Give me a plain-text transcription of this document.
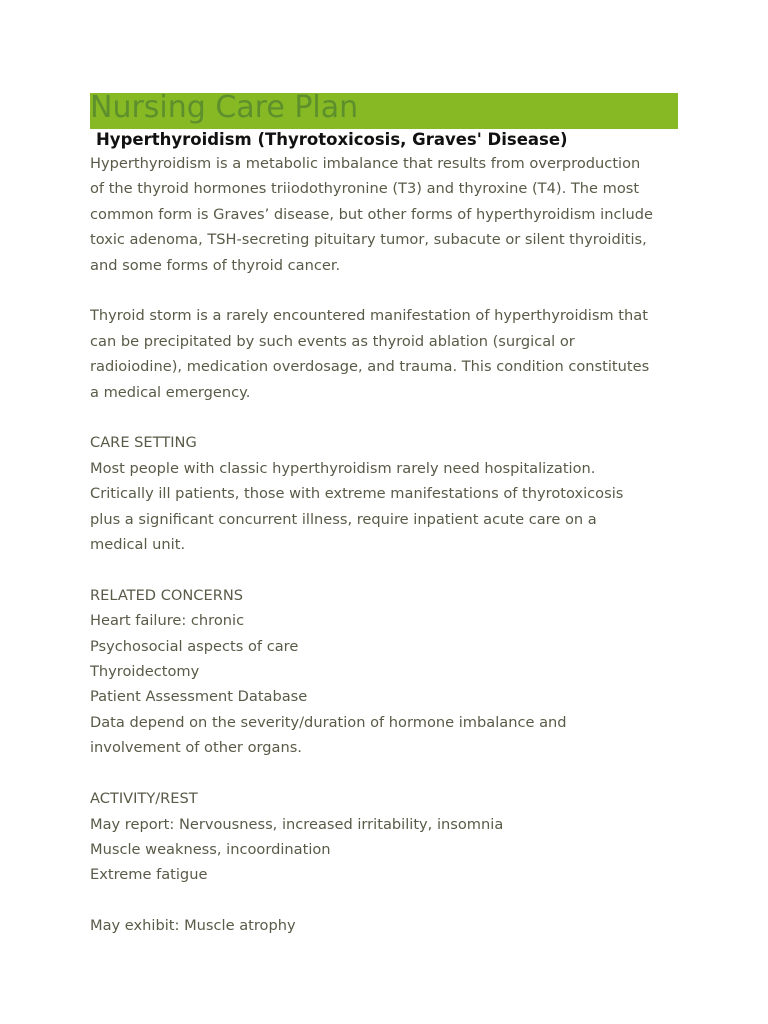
Nursing Care Plan
Hyperthyroidism (Thyrotoxicosis, Graves' Disease)

Hyperthyroidism is a metabolic imbalance that results from overproduction

of the thyroid hormones triiodothyronine (T3) and thyroxine (T4). The most

common form is Graves’ disease, but other forms of hyperthyroidism include

toxic adenoma, TSH-secreting pituitary tumor, subacute or silent thyroiditis,

and some forms of thyroid cancer.

Thyroid storm is a rarely encountered manifestation of hyperthyroidism that

can be precipitated by such events as thyroid ablation (surgical or

radioiodine), medication overdosage, and trauma. This condition constitutes

a medical emergency.

CARE SETTING

Most people with classic hyperthyroidism rarely need hospitalization.

Critically ill patients, those with extreme manifestations of thyrotoxicosis

plus a significant concurrent illness, require inpatient acute care on a

medical unit.

RELATED CONCERNS

Heart failure: chronic

Psychosocial aspects of care

Thyroidectomy

Patient Assessment Database

Data depend on the severity/duration of hormone imbalance and

involvement of other organs.

ACTIVITY/REST

May report: Nervousness, increased irritability, insomnia

Muscle weakness, incoordination

Extreme fatigue

May exhibit: Muscle atrophy
